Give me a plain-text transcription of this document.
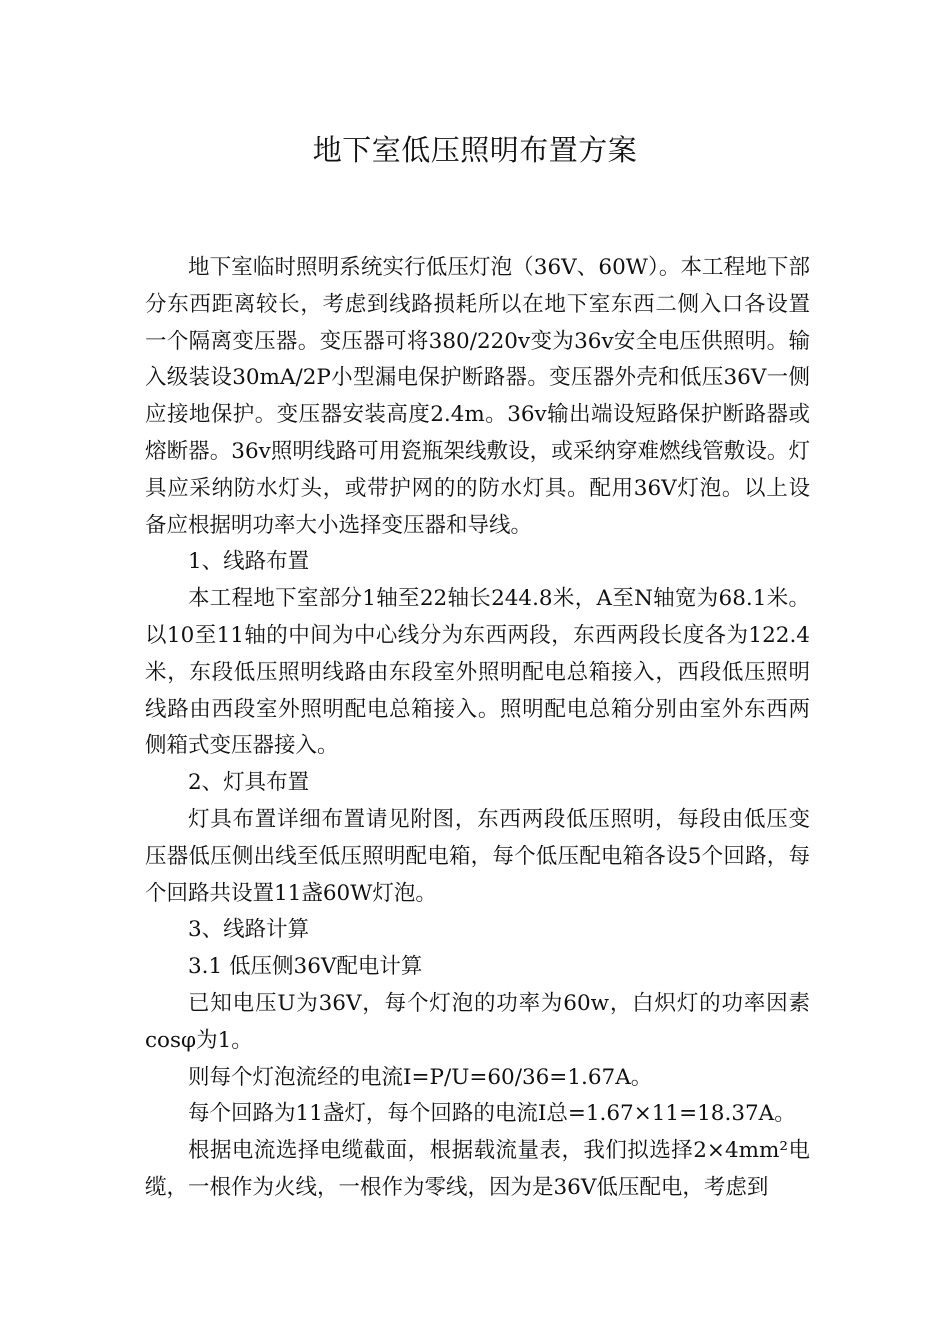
地下室低压照明布置方案

地下室临时照明系统实行低压灯泡（36V、60W）。本工程地下部分东西距离较长，考虑到线路损耗所以在地下室东西二侧入口各设置一个隔离变压器。变压器可将380/220v变为36v安全电压供照明。输入级装设30mA/2P小型漏电保护断路器。变压器外壳和低压36V一侧应接地保护。变压器安装高度2.4m。36v输出端设短路保护断路器或熔断器。36v照明线路可用瓷瓶架线敷设，或采纳穿难燃线管敷设。灯具应采纳防水灯头，或带护网的的防水灯具。配用36V灯泡。以上设备应根据明功率大小选择变压器和导线。

1、线路布置

本工程地下室部分1轴至22轴长244.8米，A至N轴宽为68.1米。以10至11轴的中间为中心线分为东西两段，东西两段长度各为122.4米，东段低压照明线路由东段室外照明配电总箱接入，西段低压照明线路由西段室外照明配电总箱接入。照明配电总箱分别由室外东西两侧箱式变压器接入。

2、灯具布置

灯具布置详细布置请见附图，东西两段低压照明，每段由低压变压器低压侧出线至低压照明配电箱，每个低压配电箱各设5个回路，每个回路共设置11盏60W灯泡。

3、线路计算

3.1 低压侧36V配电计算

已知电压U为36V，每个灯泡的功率为60w，白炽灯的功率因素cosφ为1。

则每个灯泡流经的电流I=P/U=60/36=1.67A。

每个回路为11盏灯，每个回路的电流I总=1.67×11=18.37A。

根据电流选择电缆截面，根据载流量表，我们拟选择2×4mm²电缆，一根作为火线，一根作为零线，因为是36V低压配电，考虑到
